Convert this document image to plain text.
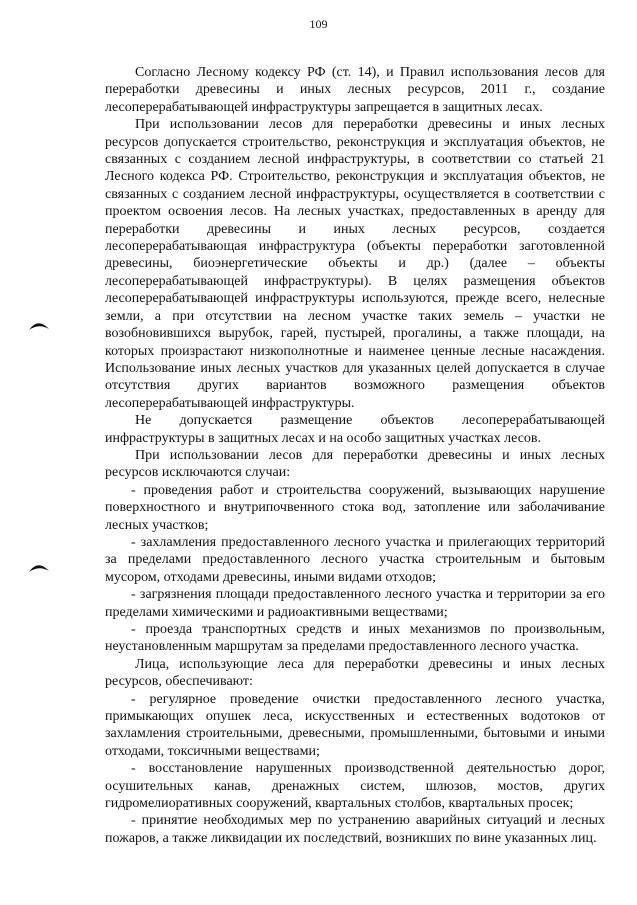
109

Согласно Лесному кодексу РФ (ст. 14), и Правил использования лесов для переработки древесины и иных лесных ресурсов, 2011 г., создание лесоперерабатывающей инфраструктуры запрещается в защитных лесах.

При использовании лесов для переработки древесины и иных лесных ресурсов допускается строительство, реконструкция и эксплуатация объектов, не связанных с созданием лесной инфраструктуры, в соответствии со статьей 21 Лесного кодекса РФ. Строительство, реконструкция и эксплуатация объектов, не связанных с созданием лесной инфраструктуры, осуществляется в соответствии с проектом освоения лесов. На лесных участках, предоставленных в аренду для переработки древесины и иных лесных ресурсов, создается лесоперерабатывающая инфраструктура (объекты переработки заготовленной древесины, биоэнергетические объекты и др.) (далее – объекты лесоперерабатывающей инфраструктуры). В целях размещения объектов лесоперерабатывающей инфраструктуры используются, прежде всего, нелесные земли, а при отсутствии на лесном участке таких земель – участки не возобновившихся вырубок, гарей, пустырей, прогалины, а также площади, на которых произрастают низкополнотные и наименее ценные лесные насаждения. Использование иных лесных участков для указанных целей допускается в случае отсутствия других вариантов возможного размещения объектов лесоперерабатывающей инфраструктуры.

Не допускается размещение объектов лесоперерабатывающей инфраструктуры в защитных лесах и на особо защитных участках лесов.

При использовании лесов для переработки древесины и иных лесных ресурсов исключаются случаи:

- проведения работ и строительства сооружений, вызывающих нарушение поверхностного и внутрипочвенного стока вод, затопление или заболачивание лесных участков;

- захламления предоставленного лесного участка и прилегающих территорий за пределами предоставленного лесного участка строительным и бытовым мусором, отходами древесины, иными видами отходов;

- загрязнения площади предоставленного лесного участка и территории за его пределами химическими и радиоактивными веществами;

- проезда транспортных средств и иных механизмов по произвольным, неустановленным маршрутам за пределами предоставленного лесного участка.

Лица, использующие леса для переработки древесины и иных лесных ресурсов, обеспечивают:

- регулярное проведение очистки предоставленного лесного участка, примыкающих опушек леса, искусственных и естественных водотоков от захламления строительными, древесными, промышленными, бытовыми и иными отходами, токсичными веществами;

- восстановление нарушенных производственной деятельностью дорог, осушительных канав, дренажных систем, шлюзов, мостов, других гидромелиоративных сооружений, квартальных столбов, квартальных просек;

- принятие необходимых мер по устранению аварийных ситуаций и лесных пожаров, а также ликвидации их последствий, возникших по вине указанных лиц.
